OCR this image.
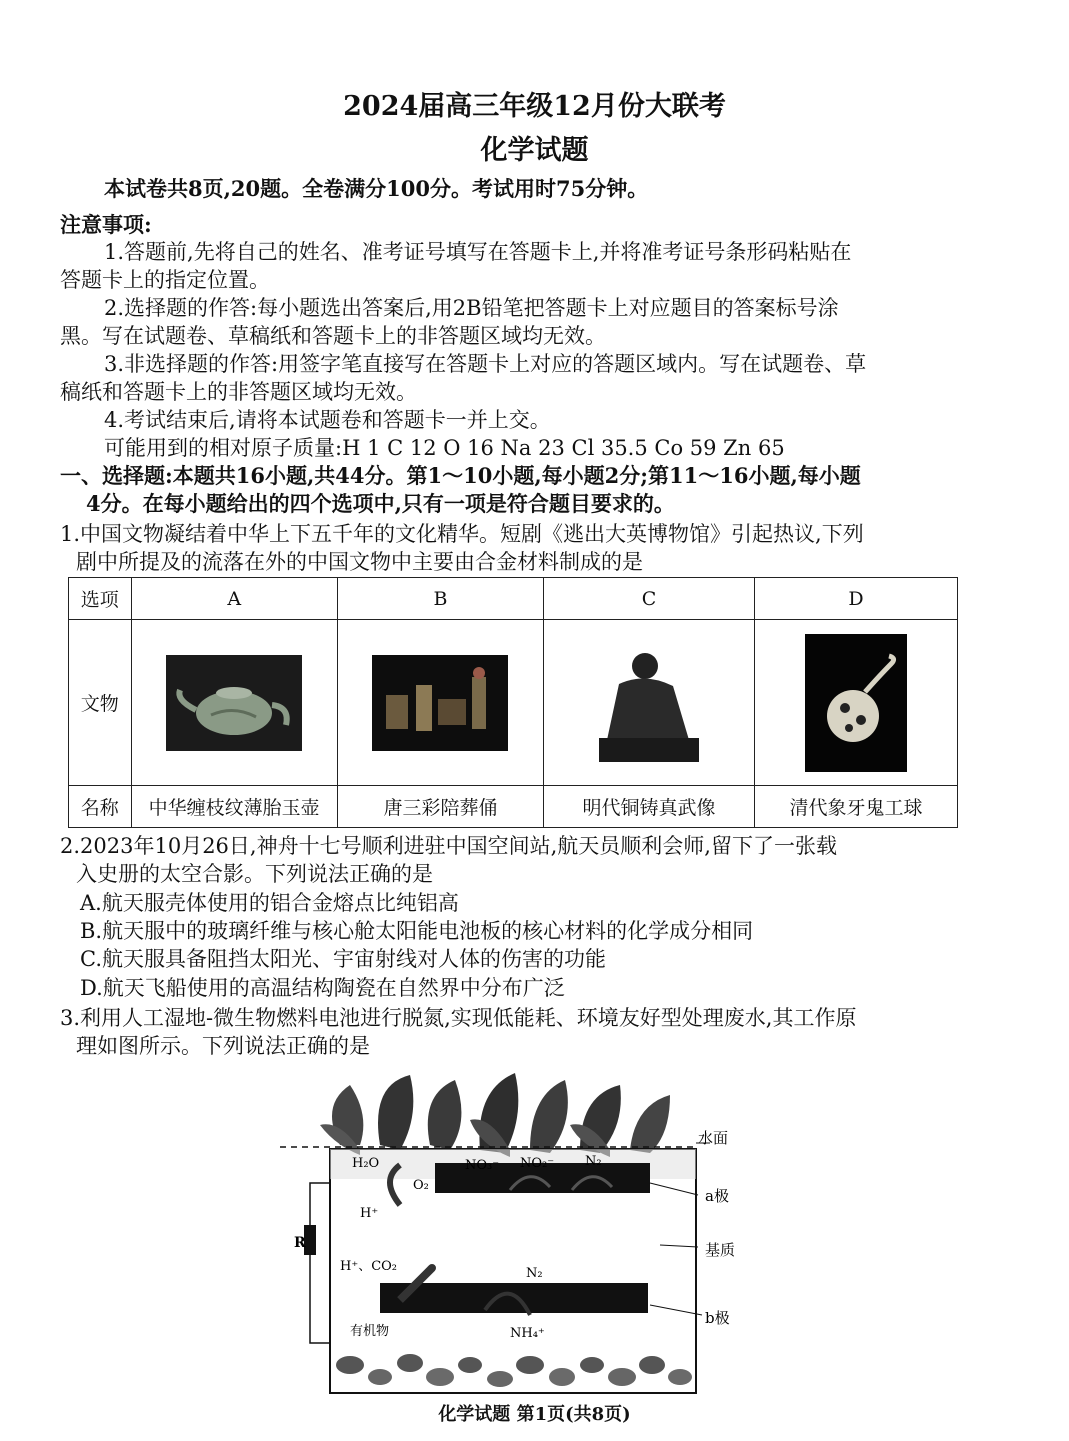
2024届高三年级12月份大联考
化学试题
本试卷共8页,20题。全卷满分100分。考试用时75分钟。
注意事项:
1.答题前,先将自己的姓名、准考证号填写在答题卡上,并将准考证号条形码粘贴在
答题卡上的指定位置。
2.选择题的作答:每小题选出答案后,用2B铅笔把答题卡上对应题目的答案标号涂
黑。写在试题卷、草稿纸和答题卡上的非答题区域均无效。
3.非选择题的作答:用签字笔直接写在答题卡上对应的答题区域内。写在试题卷、草
稿纸和答题卡上的非答题区域均无效。
4.考试结束后,请将本试题卷和答题卡一并上交。
可能用到的相对原子质量:H 1 C 12 O 16 Na 23 Cl 35.5 Co 59 Zn 65
一、选择题:本题共16小题,共44分。第1～10小题,每小题2分;第11～16小题,每小题
4分。在每小题给出的四个选项中,只有一项是符合题目要求的。
1.中国文物凝结着中华上下五千年的文化精华。短剧《逃出大英博物馆》引起热议,下列
剧中所提及的流落在外的中国文物中主要由合金材料制成的是
选项	A	B	C	D
文物	

名称	中华缠枝纹薄胎玉壶	唐三彩陪葬俑	明代铜铸真武像	清代象牙鬼工球
2.2023年10月26日,神舟十七号顺利进驻中国空间站,航天员顺利会师,留下了一张载
入史册的太空合影。下列说法正确的是
A.航天服壳体使用的铝合金熔点比纯铝高
B.航天服中的玻璃纤维与核心舱太阳能电池板的核心材料的化学成分相同
C.航天服具备阻挡太阳光、宇宙射线对人体的伤害的功能
D.航天飞船使用的高温结构陶瓷在自然界中分布广泛
3.利用人工湿地-微生物燃料电池进行脱氮,实现低能耗、环境友好型处理废水,其工作原
理如图所示。下列说法正确的是
水面
a极
基质
b极
R
H₂O	NO₃⁻ NO₂⁻ N₂
O₂
H⁺
H⁺、CO₂	N₂
有机物	NH₄⁺
化学试题 第1页(共8页)
